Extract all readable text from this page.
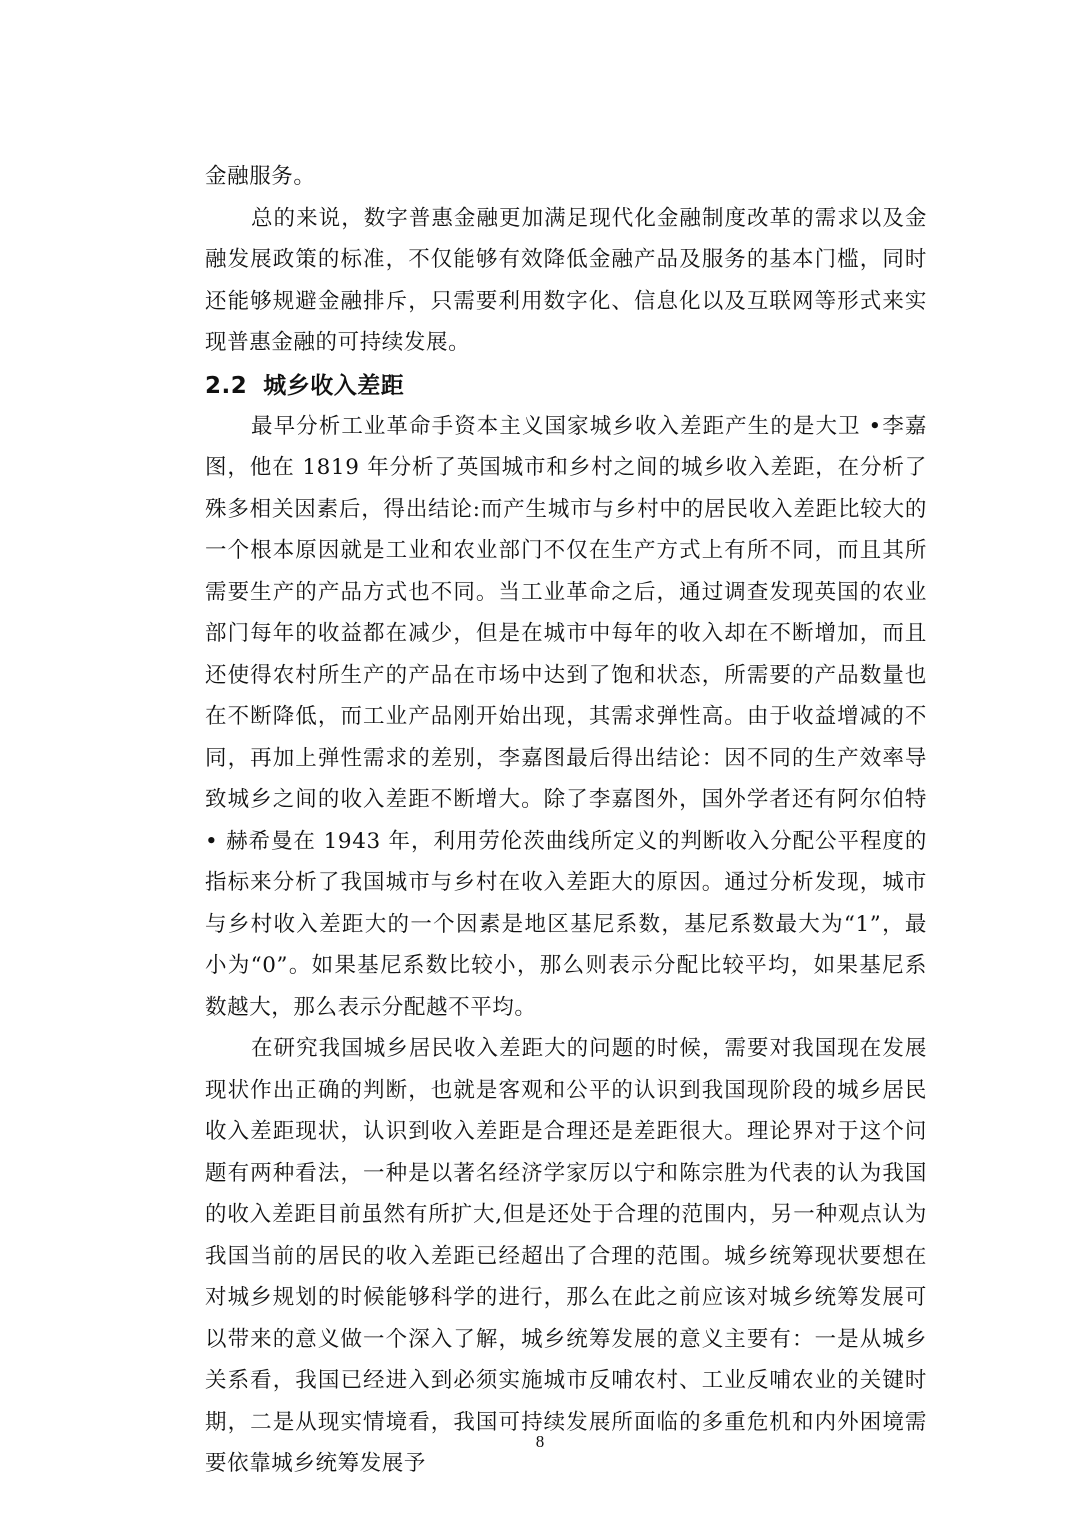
金融服务。

总的来说，数字普惠金融更加满足现代化金融制度改革的需求以及金融发展政策的标准，不仅能够有效降低金融产品及服务的基本门槛，同时还能够规避金融排斥，只需要利用数字化、信息化以及互联网等形式来实现普惠金融的可持续发展。

2.2 城乡收入差距

最早分析工业革命手资本主义国家城乡收入差距产生的是大卫 •李嘉图，他在 1819 年分析了英国城市和乡村之间的城乡收入差距，在分析了殊多相关因素后，得出结论:而产生城市与乡村中的居民收入差距比较大的一个根本原因就是工业和农业部门不仅在生产方式上有所不同，而且其所需要生产的产品方式也不同。当工业革命之后，通过调查发现英国的农业部门每年的收益都在减少，但是在城市中每年的收入却在不断增加，而且还使得农村所生产的产品在市场中达到了饱和状态，所需要的产品数量也在不断降低，而工业产品刚开始出现，其需求弹性高。由于收益增减的不同，再加上弹性需求的差别，李嘉图最后得出结论：因不同的生产效率导致城乡之间的收入差距不断增大。除了李嘉图外，国外学者还有阿尔伯特 • 赫希曼在 1943 年，利用劳伦茨曲线所定义的判断收入分配公平程度的指标来分析了我国城市与乡村在收入差距大的原因。通过分析发现，城市与乡村收入差距大的一个因素是地区基尼系数，基尼系数最大为“1”，最小为“0”。如果基尼系数比较小，那么则表示分配比较平均，如果基尼系数越大，那么表示分配越不平均。

在研究我国城乡居民收入差距大的问题的时候，需要对我国现在发展现状作出正确的判断，也就是客观和公平的认识到我国现阶段的城乡居民收入差距现状，认识到收入差距是合理还是差距很大。理论界对于这个问题有两种看法，一种是以著名经济学家厉以宁和陈宗胜为代表的认为我国的收入差距目前虽然有所扩大,但是还处于合理的范围内，另一种观点认为我国当前的居民的收入差距已经超出了合理的范围。城乡统筹现状要想在对城乡规划的时候能够科学的进行，那么在此之前应该对城乡统筹发展可以带来的意义做一个深入了解，城乡统筹发展的意义主要有：一是从城乡关系看，我国已经进入到必须实施城市反哺农村、工业反哺农业的关键时期，二是从现实情境看，我国可持续发展所面临的多重危机和内外困境需要依靠城乡统筹发展予

8
